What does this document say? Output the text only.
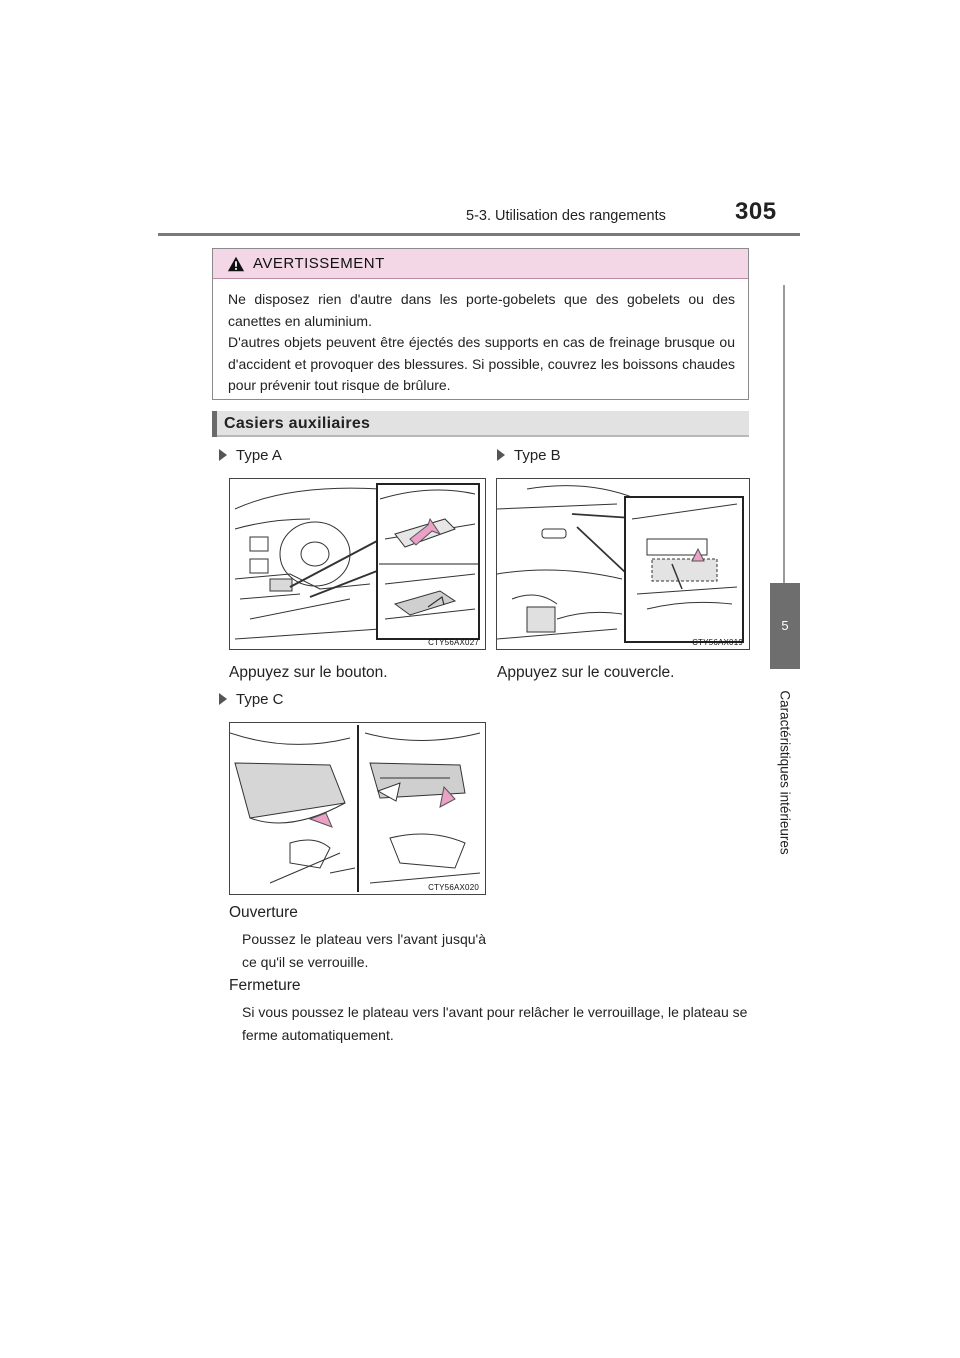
5-3. Utilisation des rangements	305
5
Caractéristiques intérieures
AVERTISSEMENT
Ne disposez rien d'autre dans les porte-gobelets que des gobelets ou des canettes en aluminium.
D'autres objets peuvent être éjectés des supports en cas de freinage brusque ou d'accident et provoquer des blessures. Si possible, couvrez les boissons chaudes pour prévenir tout risque de brûlure.
Casiers auxiliaires
Type A	Type B
CTY56AX027	CTY56AX019
Appuyez sur le bouton.	Appuyez sur le couvercle.
Type C
CTY56AX020
Ouverture
Poussez le plateau vers l'avant jusqu'à ce qu'il se verrouille.
Fermeture
Si vous poussez le plateau vers l'avant pour relâcher le verrouillage, le plateau se ferme automatiquement.
